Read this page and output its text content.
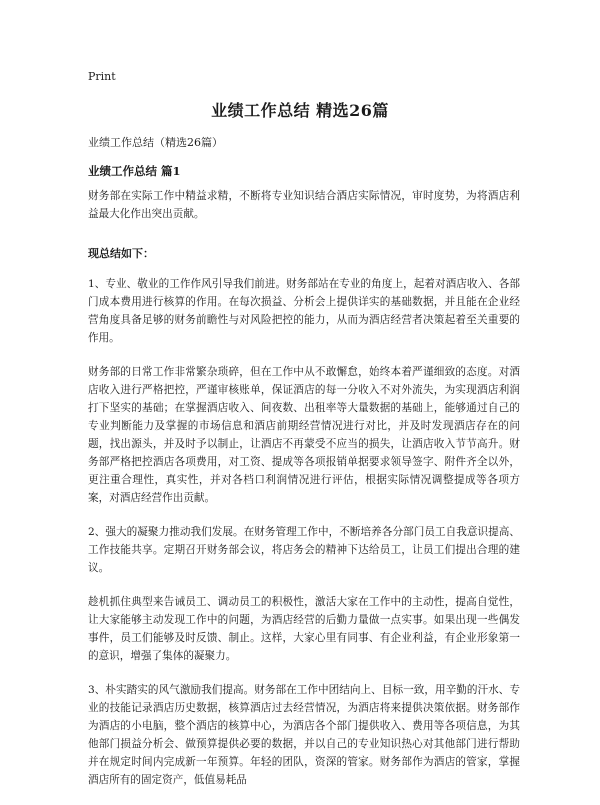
Print
业绩工作总结 精选26篇
业绩工作总结（精选26篇）
业绩工作总结 篇1

财务部在实际工作中精益求精，不断将专业知识结合酒店实际情况，审时度势，为将酒店利益最大化作出突出贡献。

现总结如下：

1、专业、敬业的工作作风引导我们前进。财务部站在专业的角度上，起着对酒店收入、各部门成本费用进行核算的作用。在每次损益、分析会上提供详实的基础数据，并且能在企业经营角度具备足够的财务前瞻性与对风险把控的能力，从而为酒店经营者决策起着至关重要的作用。

财务部的日常工作非常繁杂琐碎，但在工作中从不敢懈怠，始终本着严谨细致的态度。对酒店收入进行严格把控，严谨审核账单，保证酒店的每一分收入不对外流失，为实现酒店利润打下坚实的基础；在掌握酒店收入、间夜数、出租率等大量数据的基础上，能够通过自己的专业判断能力及掌握的市场信息和酒店前期经营情况进行对比，并及时发现酒店存在的问题，找出源头，并及时予以制止，让酒店不再蒙受不应当的损失，让酒店收入节节高升。财务部严格把控酒店各项费用，对工资、提成等各项报销单据要求领导签字、附件齐全以外，更注重合理性，真实性，并对各档口利润情况进行评估，根据实际情况调整提成等各项方案，对酒店经营作出贡献。

2、强大的凝聚力推动我们发展。在财务管理工作中，不断培养各分部门员工自我意识提高、工作技能共享。定期召开财务部会议，将店务会的精神下达给员工，让员工们提出合理的建议。

趁机抓住典型来告诫员工、调动员工的积极性，激活大家在工作中的主动性，提高自觉性，让大家能够主动发现工作中的问题，为酒店经营的后勤力量做一点实事。如果出现一些偶发事件，员工们能够及时反馈、制止。这样，大家心里有同事、有企业利益，有企业形象第一的意识，增强了集体的凝聚力。

3、朴实踏实的风气激励我们提高。财务部在工作中团结向上、目标一致，用辛勤的汗水、专业的技能记录酒店历史数据，核算酒店过去经营情况，为酒店将来提供决策依据。财务部作为酒店的小电脑，整个酒店的核算中心，为酒店各个部门提供收入、费用等各项信息，为其他部门损益分析会、做预算提供必要的数据，并以自己的专业知识热心对其他部门进行帮助并在规定时间内完成新一年预算。年轻的团队，资深的管家。财务部作为酒店的管家，掌握酒店所有的固定资产，低值易耗品
